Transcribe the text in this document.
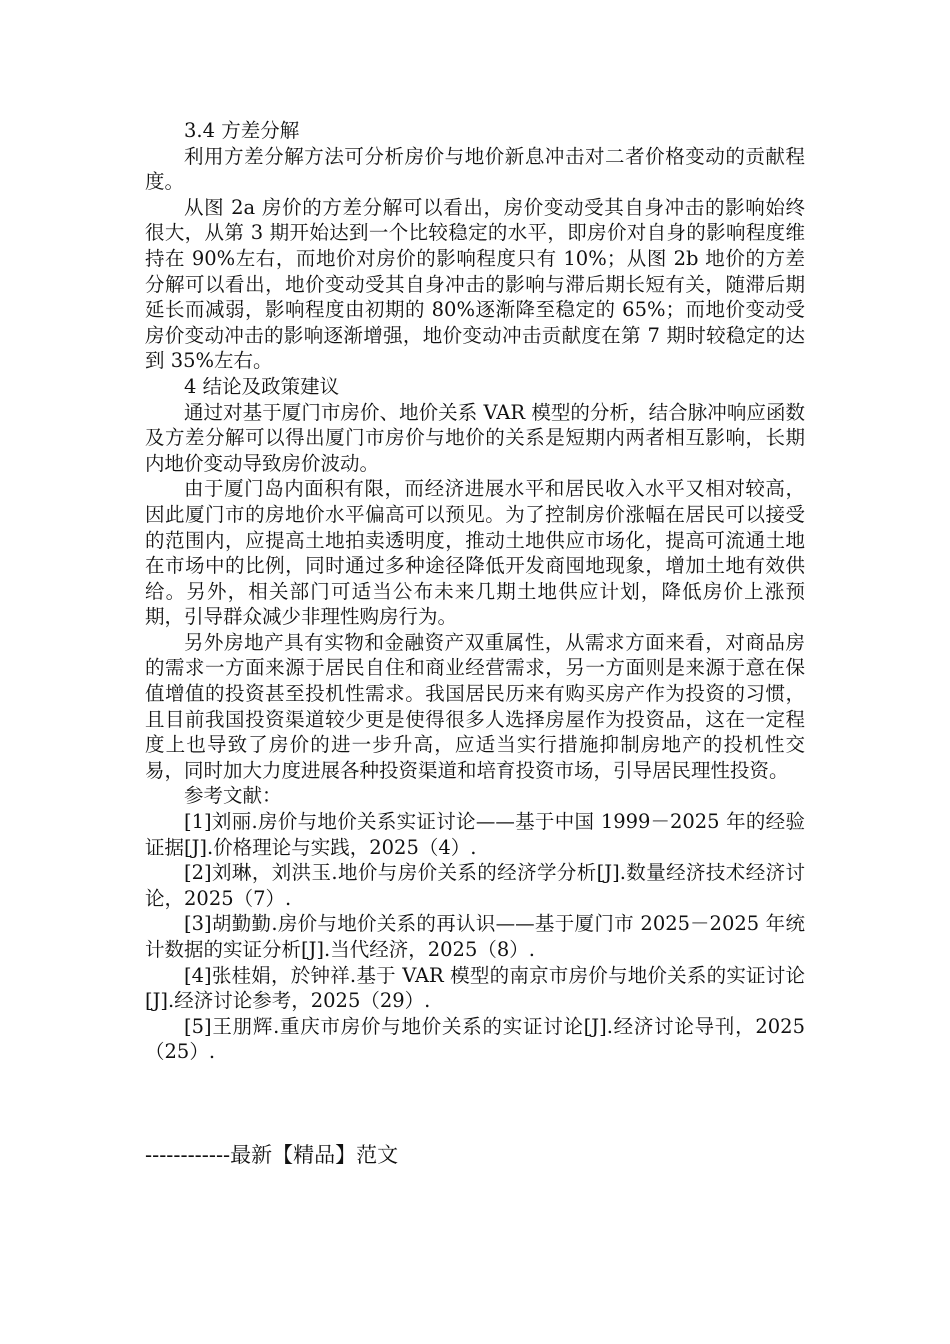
3.4 方差分解

利用方差分解方法可分析房价与地价新息冲击对二者价格变动的贡献程度。

从图 2a 房价的方差分解可以看出，房价变动受其自身冲击的影响始终很大，从第 3 期开始达到一个比较稳定的水平，即房价对自身的影响程度维持在 90%左右，而地价对房价的影响程度只有 10%；从图 2b 地价的方差分解可以看出，地价变动受其自身冲击的影响与滞后期长短有关，随滞后期延长而减弱，影响程度由初期的 80%逐渐降至稳定的 65%；而地价变动受房价变动冲击的影响逐渐增强，地价变动冲击贡献度在第 7 期时较稳定的达到 35%左右。

4 结论及政策建议

通过对基于厦门市房价、地价关系 VAR 模型的分析，结合脉冲响应函数及方差分解可以得出厦门市房价与地价的关系是短期内两者相互影响，长期内地价变动导致房价波动。

由于厦门岛内面积有限，而经济进展水平和居民收入水平又相对较高，因此厦门市的房地价水平偏高可以预见。为了控制房价涨幅在居民可以接受的范围内，应提高土地拍卖透明度，推动土地供应市场化，提高可流通土地在市场中的比例，同时通过多种途径降低开发商囤地现象，增加土地有效供给。另外，相关部门可适当公布未来几期土地供应计划，降低房价上涨预期，引导群众减少非理性购房行为。

另外房地产具有实物和金融资产双重属性，从需求方面来看，对商品房的需求一方面来源于居民自住和商业经营需求，另一方面则是来源于意在保值增值的投资甚至投机性需求。我国居民历来有购买房产作为投资的习惯，且目前我国投资渠道较少更是使得很多人选择房屋作为投资品，这在一定程度上也导致了房价的进一步升高，应适当实行措施抑制房地产的投机性交易，同时加大力度进展各种投资渠道和培育投资市场，引导居民理性投资。

参考文献：

[1]刘丽.房价与地价关系实证讨论——基于中国 1999－2025 年的经验证据[J].价格理论与实践，2025（4）.

[2]刘琳，刘洪玉.地价与房价关系的经济学分析[J].数量经济技术经济讨论，2025（7）.

[3]胡勤勤.房价与地价关系的再认识——基于厦门市 2025－2025 年统计数据的实证分析[J].当代经济，2025（8）.

[4]张桂娟，於钟祥.基于 VAR 模型的南京市房价与地价关系的实证讨论[J].经济讨论参考，2025（29）.

[5]王朋辉.重庆市房价与地价关系的实证讨论[J].经济讨论导刊，2025（25）.

------------最新【精品】范文
